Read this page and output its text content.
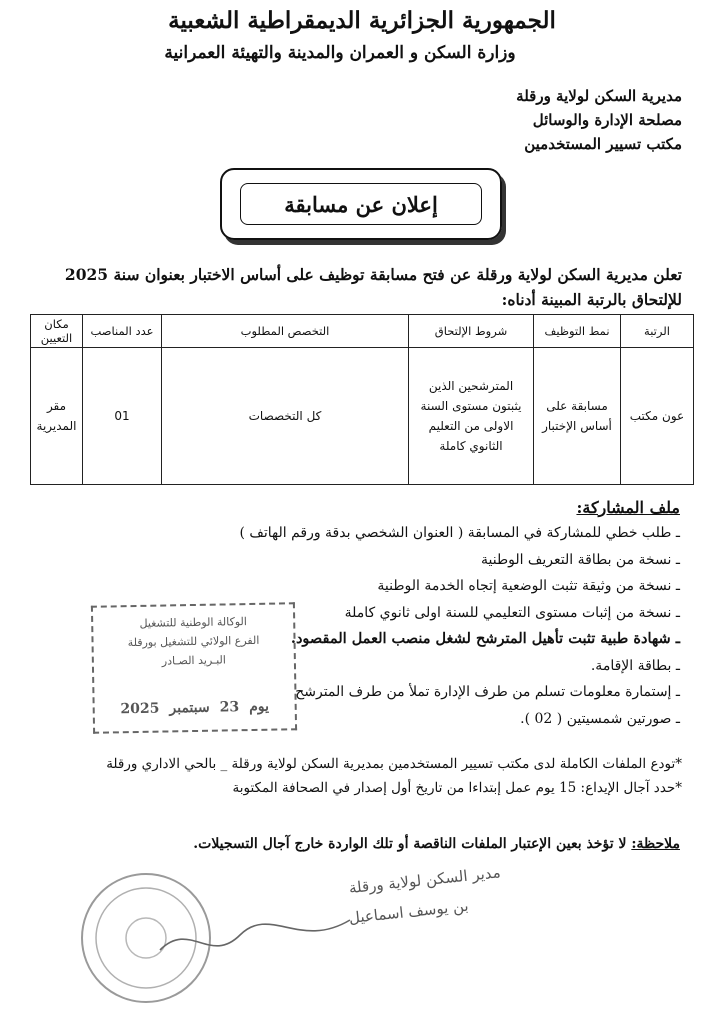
الجمهورية الجزائرية الديمقراطية الشعبية
وزارة السكن و العمران والمدينة والتهيئة العمرانية
مديرية السكن لولاية ورقلة
مصلحة الإدارة والوسائل
مكتب تسيير المستخدمين
إعلان عن مسابقة
تعلن مديرية السكن لولاية ورقلة عن فتح مسابقة توظيف على أساس الاختبار بعنوان سنة 2025
للإلتحاق بالرتبة المبينة أدناه:
الرتبة	نمط التوظيف	شروط الإلتحاق	التخصص المطلوب	عدد المناصب	مكان التعيين
عون مكتب	مسابقة على أساس الإختبار	المترشحين الذين يثبتون مستوى السنة الاولى من التعليم الثانوي كاملة	كل التخصصات	01	مقر المديرية
ملف المشاركة:
ـ طلب خطي للمشاركة في المسابقة ( العنوان الشخصي بدقة ورقم الهاتف )
ـ نسخة من بطاقة التعريف الوطنية
ـ نسخة من وثيقة تثبت الوضعية إتجاه الخدمة الوطنية
ـ نسخة من إثبات مستوى التعليمي للسنة اولى ثانوي كاملة
ـ شهادة طبية تثبت تأهيل المترشح لشغل منصب العمل المقصود.
ـ بطاقة الإقامة.
ـ إستمارة معلومات تسلم من طرف الإدارة تملأ من طرف المترشح
ـ صورتين شمسيتين ( 02 ).
الوكالة الوطنية للتشغيل
الفرع الولائي للتشغيل بورقلة
البـريد الصـادر
2025 سبتمبر 23 يوم
*تودع الملفات الكاملة لدى مكتب تسيير المستخدمين بمديرية السكن لولاية ورقلة _ بالحي الاداري ورقلة
*حدد آجال الإيداع: 15 يوم عمل إبتداءا من تاريخ أول إصدار في الصحافة المكتوبة
ملاحظة: لا تؤخذ بعين الإعتبار الملفات الناقصة أو تلك الواردة خارج آجال التسجيلات.
مدير السكن لولاية ورقلة
بن يوسف اسماعيل
